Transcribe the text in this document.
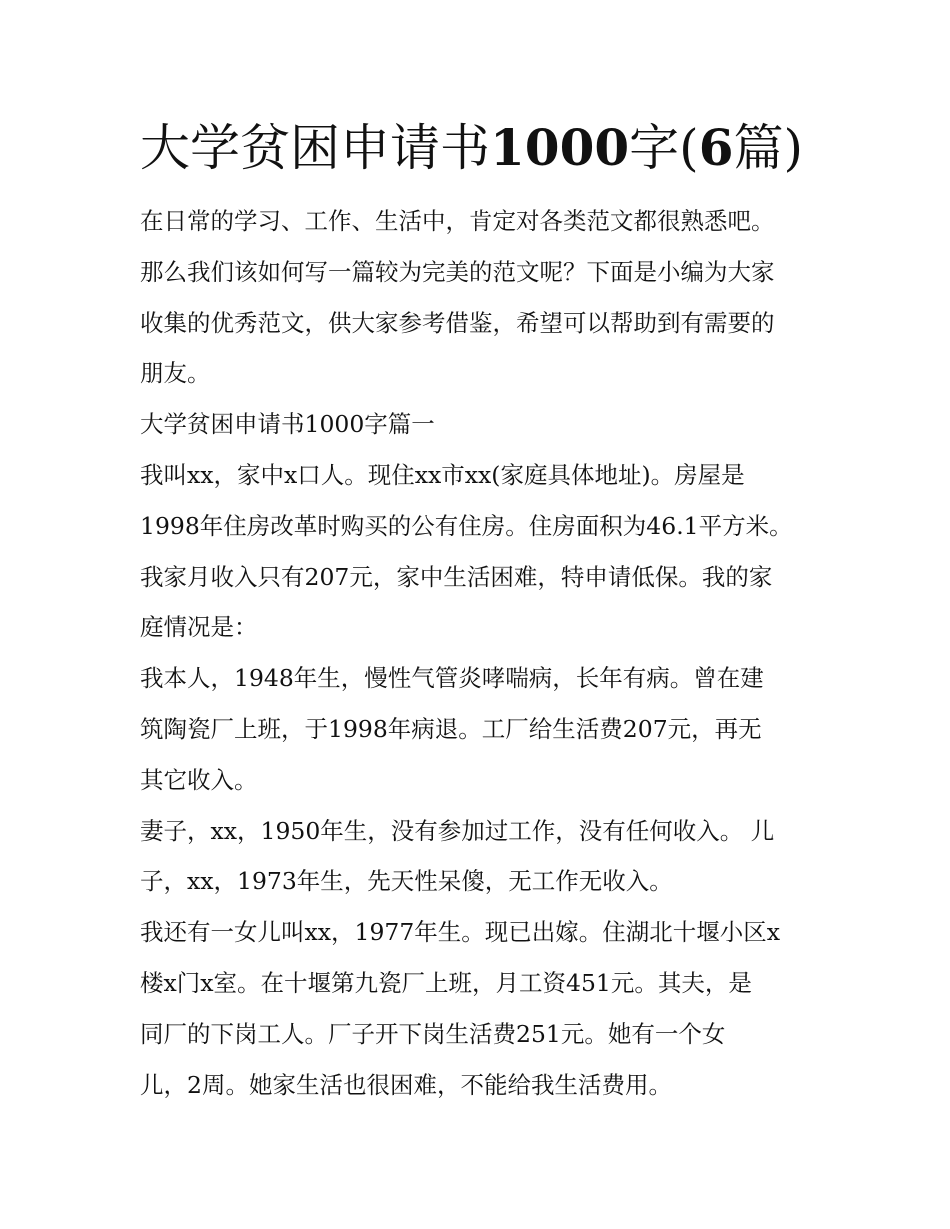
大学贫困申请书1000字(6篇)
在日常的学习、工作、生活中，肯定对各类范文都很熟悉吧。
那么我们该如何写一篇较为完美的范文呢？下面是小编为大家
收集的优秀范文，供大家参考借鉴，希望可以帮助到有需要的
朋友。
大学贫困申请书1000字篇一
我叫xx，家中x口人。现住xx市xx(家庭具体地址)。房屋是
1998年住房改革时购买的公有住房。住房面积为46.1平方米。
我家月收入只有207元，家中生活困难，特申请低保。我的家
庭情况是：
我本人，1948年生，慢性气管炎哮喘病，长年有病。曾在建
筑陶瓷厂上班，于1998年病退。工厂给生活费207元，再无
其它收入。
妻子，xx，1950年生，没有参加过工作，没有任何收入。 儿
子，xx，1973年生，先天性呆傻，无工作无收入。
我还有一女儿叫xx，1977年生。现已出嫁。住湖北十堰小区x
楼x门x室。在十堰第九瓷厂上班，月工资451元。其夫，是
同厂的下岗工人。厂子开下岗生活费251元。她有一个女
儿，2周。她家生活也很困难，不能给我生活费用。
